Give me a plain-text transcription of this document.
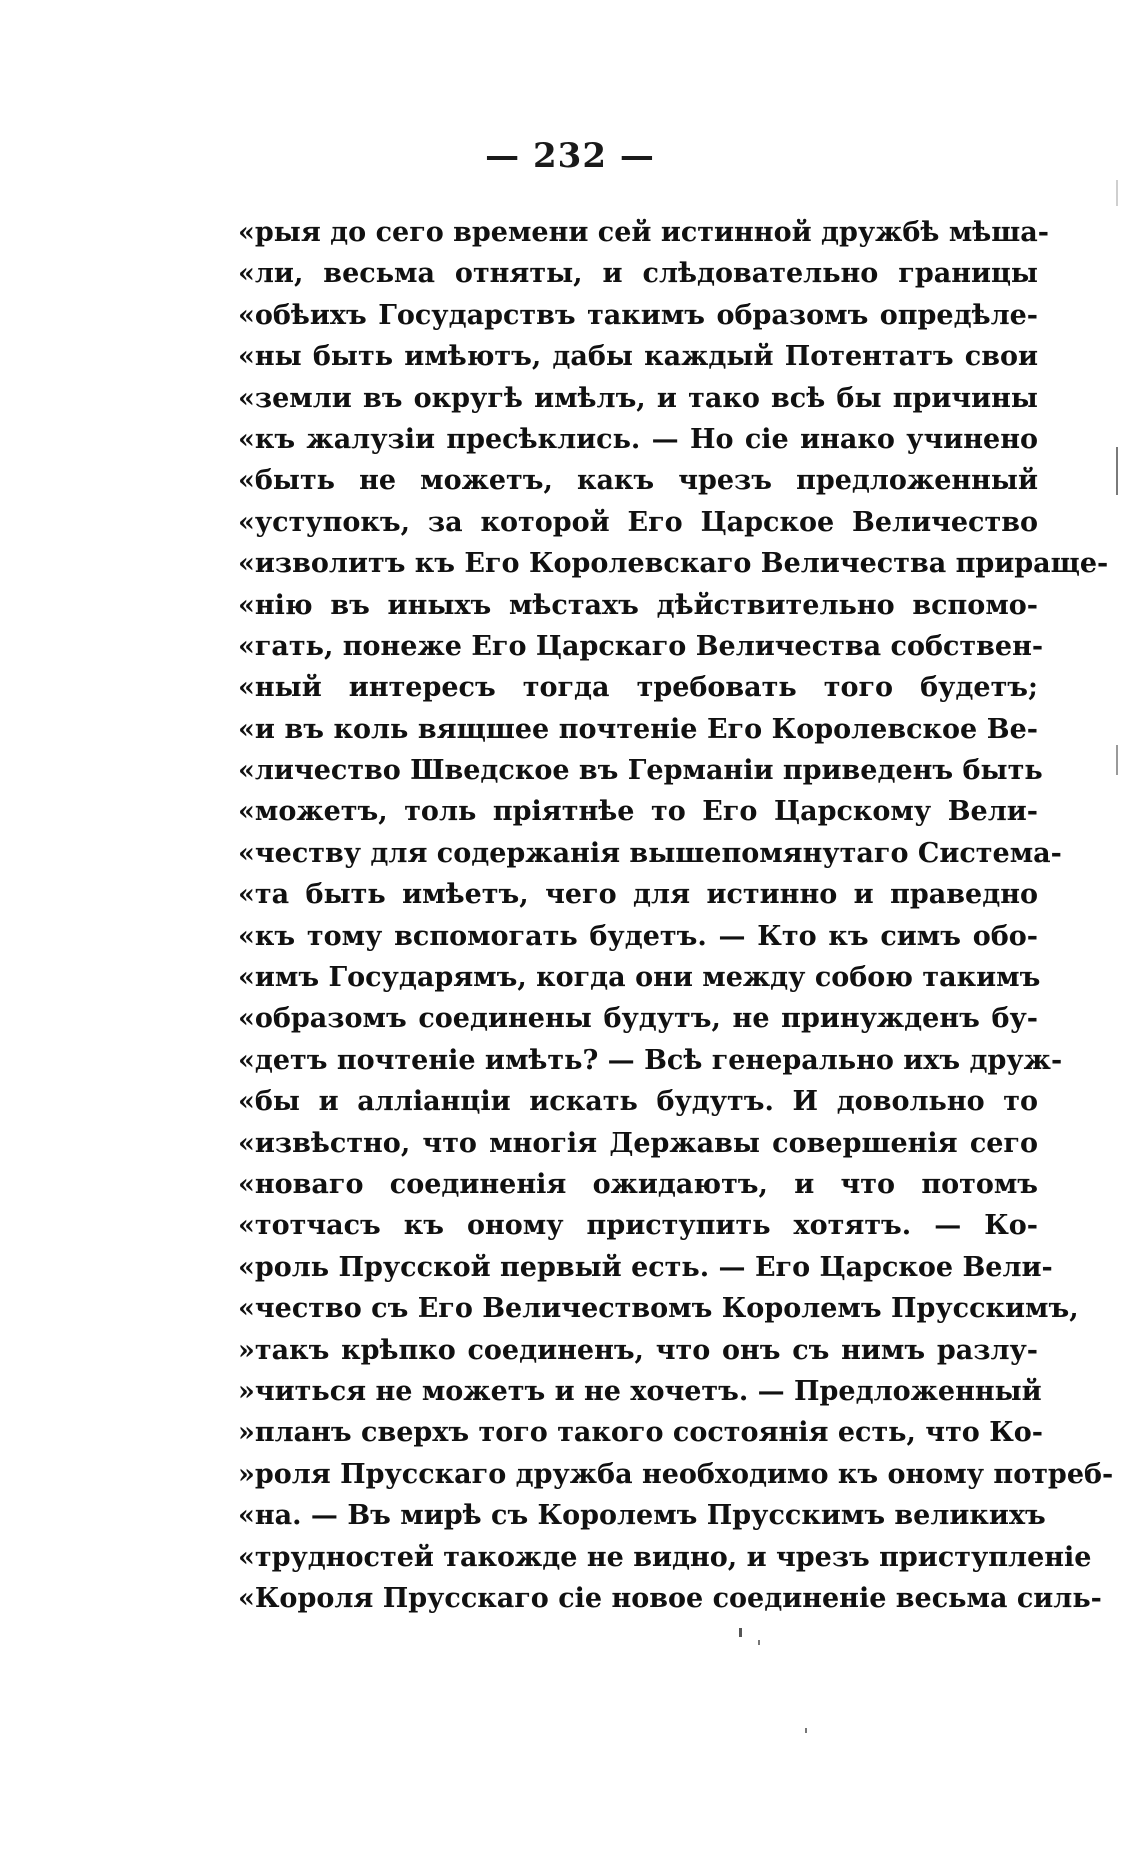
— 232 —
«рыя до сего времени сей истинной дружбѣ мѣша-
«ли, весьма отняты, и слѣдовательно границы
«обѣихъ Государствъ такимъ образомъ опредѣле-
«ны быть имѣютъ, дабы каждый Потентатъ свои
«земли въ округѣ имѣлъ, и тако всѣ бы причины
«къ жалузіи пресѣклись. — Но сіе инако учинено
«быть не можетъ, какъ чрезъ предложенный
«уступокъ, за которой Его Царское Величество
«изволитъ къ Его Королевскаго Величества прираще-
«нію въ иныхъ мѣстахъ дѣйствительно вспомо-
«гать, понеже Его Царскаго Величества собствен-
«ный интересъ тогда требовать того будетъ;
«и въ коль вящшее почтеніе Его Королевское Ве-
«личество Шведское въ Германіи приведенъ быть
«можетъ, толь пріятнѣе то Его Царскому Вели-
«честву для содержанія вышепомянутаго Система-
«та быть имѣетъ, чего для истинно и праведно
«къ тому вспомогать будетъ. — Кто къ симъ обо-
«имъ Государямъ, когда они между собою такимъ
«образомъ соединены будутъ, не принужденъ бу-
«детъ почтеніе имѣть? — Всѣ генерально ихъ друж-
«бы и алліанціи искать будутъ. И довольно то
«извѣстно, что многія Державы совершенія сего
«новаго соединенія ожидаютъ, и что потомъ
«тотчасъ къ оному приступить хотятъ. — Ко-
«роль Прусской первый есть. — Его Царское Вели-
«чество съ Его Величествомъ Королемъ Прусскимъ,
»такъ крѣпко соединенъ, что онъ съ нимъ разлу-
»читься не можетъ и не хочетъ. — Предложенный
»планъ сверхъ того такого состоянія есть, что Ко-
»роля Прусскаго дружба необходимо къ оному потреб-
«на. — Въ мирѣ съ Королемъ Прусскимъ великихъ
«трудностей такожде не видно, и чрезъ приступленіе
«Короля Прусскаго сіе новое соединеніе весьма силь-
